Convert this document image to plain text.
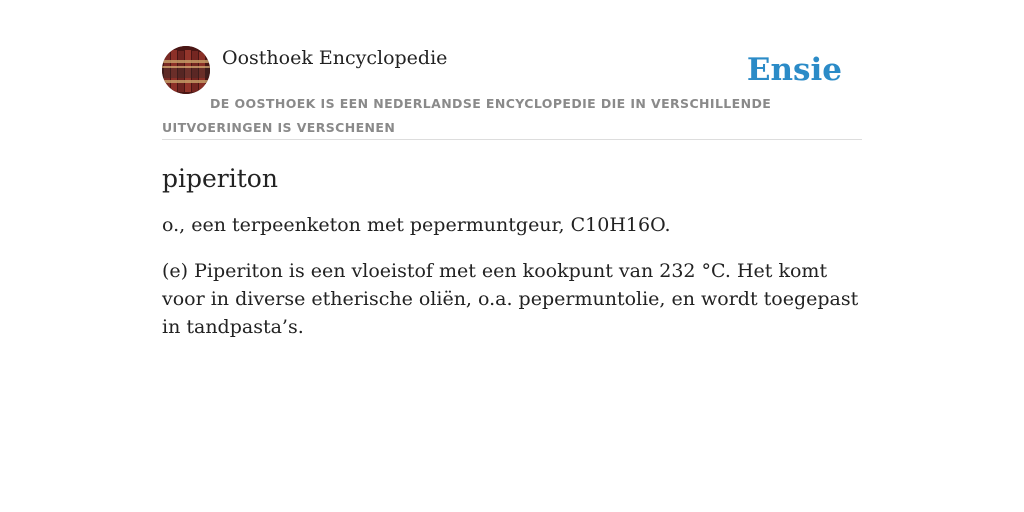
Oosthoek Encyclopedie	Ensie
DE OOSTHOEK IS EEN NEDERLANDSE ENCYCLOPEDIE DIE IN VERSCHILLENDE UITVOERINGEN IS VERSCHENEN
piperiton

o., een terpeenketon met pepermuntgeur, C10H16O.

(e) Piperiton is een vloeistof met een kookpunt van 232 °C. Het komt voor in diverse etherische oliën, o.a. pepermuntolie, en wordt toegepast in tandpasta’s.
